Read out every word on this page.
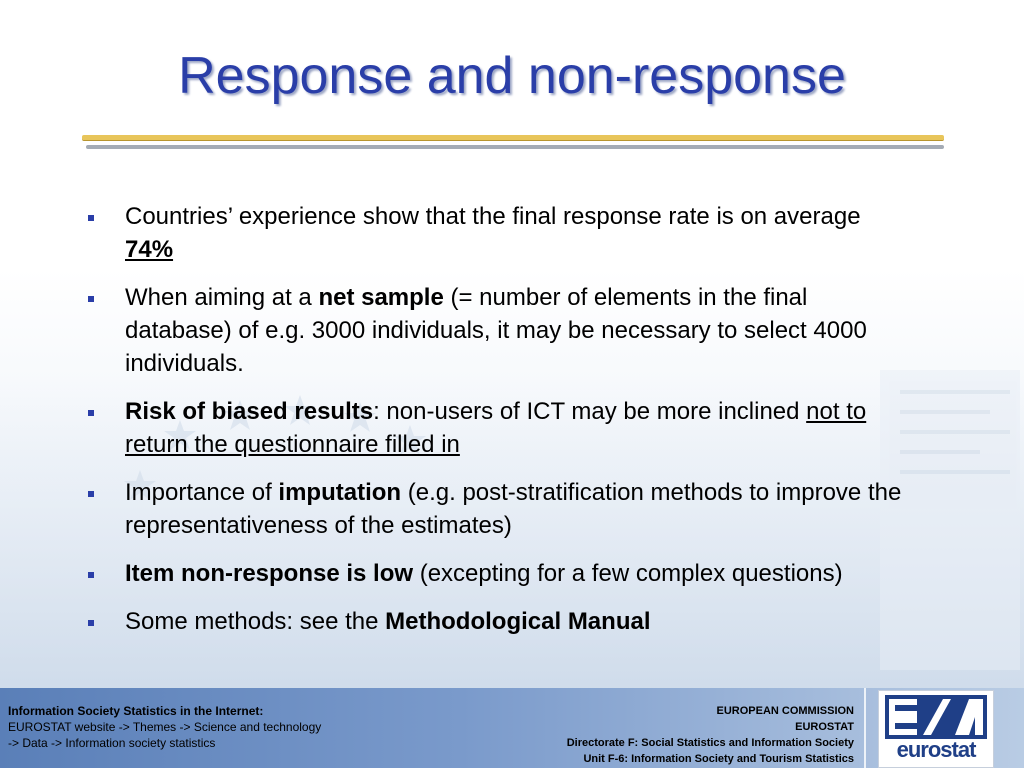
Response and non-response
Countries’ experience show that the final response rate is on average 74%
When aiming at a net sample (= number of elements in the final database) of e.g. 3000 individuals, it may be necessary to select 4000 individuals.
Risk of biased results: non-users of ICT may be more inclined not to return the questionnaire filled in
Importance of imputation (e.g. post-stratification methods to improve the representativeness of the estimates)
Item non-response is low (excepting for a few complex questions)
Some methods: see the Methodological Manual
Information Society Statistics in the Internet:
EUROSTAT website -> Themes -> Science and technology
-> Data -> Information society statistics
EUROPEAN COMMISSION
EUROSTAT
Directorate F: Social Statistics and Information Society
Unit F-6: Information Society and Tourism Statistics	eurostat
